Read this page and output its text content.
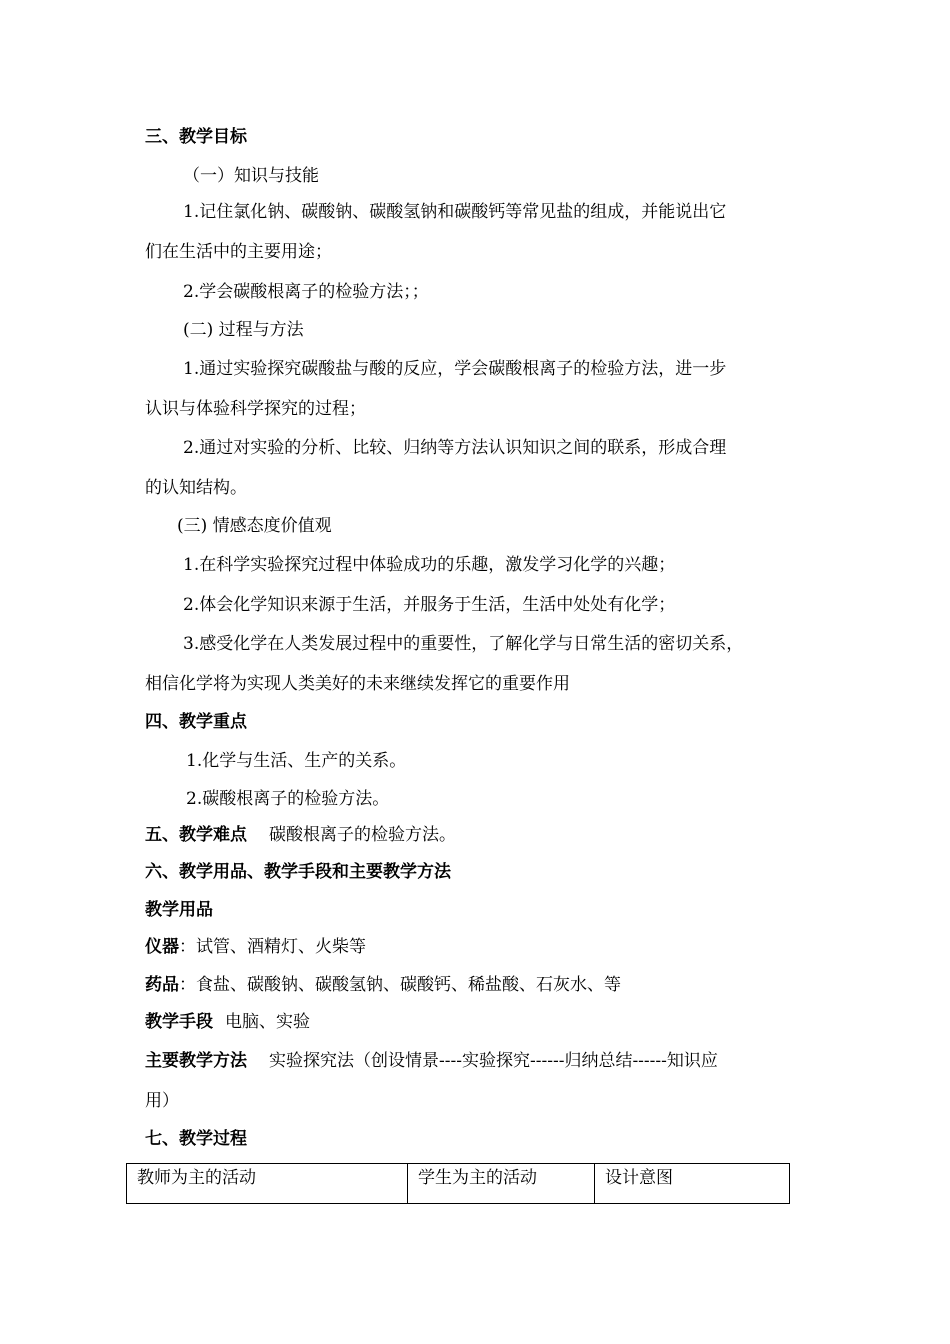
三、教学目标
（一）知识与技能
1.记住氯化钠、碳酸钠、碳酸氢钠和碳酸钙等常见盐的组成，并能说出它
们在生活中的主要用途；
2.学会碳酸根离子的检验方法；；
(二) 过程与方法
1.通过实验探究碳酸盐与酸的反应，学会碳酸根离子的检验方法，进一步
认识与体验科学探究的过程；
2.通过对实验的分析、比较、归纳等方法认识知识之间的联系，形成合理
的认知结构。
(三) 情感态度价值观
1.在科学实验探究过程中体验成功的乐趣，激发学习化学的兴趣；
2.体会化学知识来源于生活，并服务于生活，生活中处处有化学；
3.感受化学在人类发展过程中的重要性，了解化学与日常生活的密切关系，
相信化学将为实现人类美好的未来继续发挥它的重要作用
四、教学重点
1.化学与生活、生产的关系。
2.碳酸根离子的检验方法。
五、教学难点 碳酸根离子的检验方法。
六、教学用品、教学手段和主要教学方法
教学用品
仪器：试管、酒精灯、火柴等
药品：食盐、碳酸钠、碳酸氢钠、碳酸钙、稀盐酸、石灰水、等
教学手段 电脑、实验
主要教学方法 实验探究法（创设情景----实验探究------归纳总结------知识应
用）
七、教学过程
教师为主的活动	学生为主的活动	设计意图
